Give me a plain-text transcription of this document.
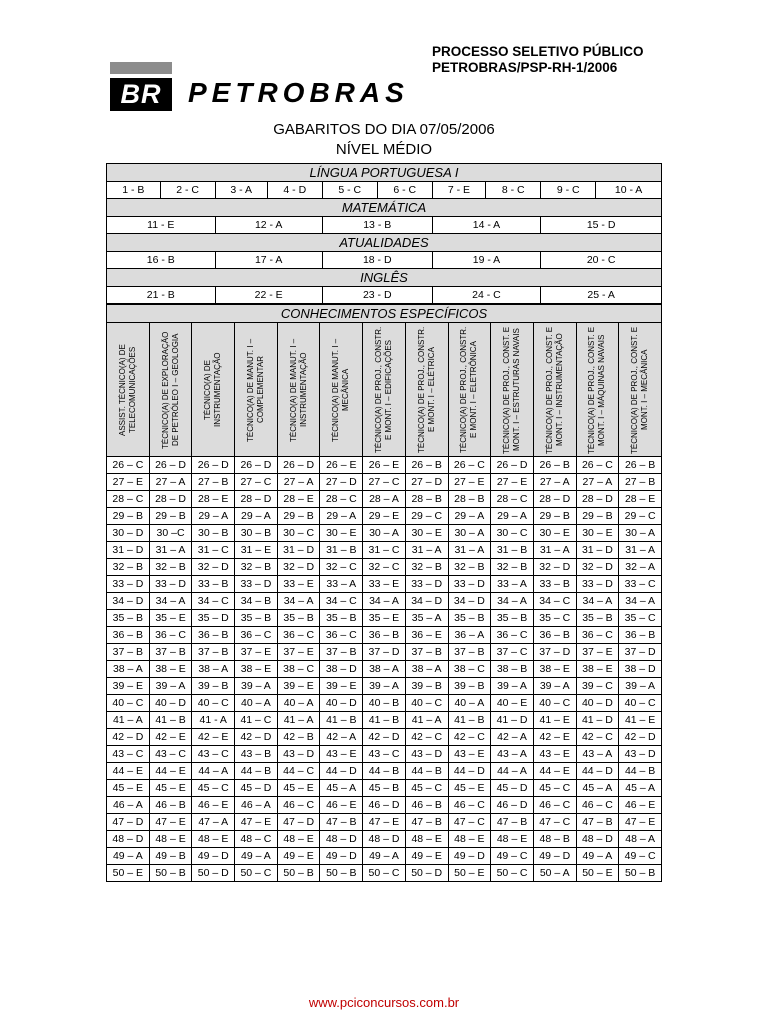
PROCESSO SELETIVO PÚBLICO
PETROBRAS/PSP-RH-1/2006
BR PETROBRAS
GABARITOS DO DIA 07/05/2006
NÍVEL MÉDIO
LÍNGUA PORTUGUESA I									
1 - B	2 - C	3 - A	4 - D	5 - C	6 - C	7 - E	8 - C	9 - C	10 - A
MATEMÁTICA									
11 - E		12 - A		13 - B		14 - A		15 - D	
ATUALIDADES									
16 - B		17 - A		18 - D		19 - A		20 - C	
INGLÊS									
21 - B		22 - E		23 - D		24 - C		25 - A	
CONHECIMENTOS ESPECÍFICOS												

ASSIST. TÉCNICO(A) DE TELECOMUNICAÇÕES	TÉCNICO(A) DE EXPLORAÇÃO DE PETRÓLEO I – GEOLOGIA	TÉCNICO(A) DE INSTRUMENTAÇÃO	TÉCNICO(A) DE MANUT. I – COMPLEMENTAR	TÉCNICO(A) DE MANUT. I – INSTRUMENTAÇÃO	TÉCNICO(A) DE MANUT. I – MECÂNICA	TÉCNICO(A) DE PROJ., CONSTR. E MONT. I – EDIFICAÇÕES	TÉCNICO(A) DE PROJ., CONSTR. E MONT. I – ELÉTRICA	TÉCNICO(A) DE PROJ., CONSTR. E MONT. I – ELETRÔNICA	TÉCNICO(A) DE PROJ., CONST. E MONT. I – ESTRUTURAS NAVAIS	TÉCNICO(A) DE PROJ., CONST. E MONT. I – INSTRUMENTAÇÃO	TÉCNICO(A) DE PROJ., CONST. E MONT. I – MÁQUINAS NAVAIS	TÉCNICO(A) DE PROJ., CONST. E MONT. I – MECÂNICA

26 – C	26 – D	26 – D	26 – D	26 – D	26 – E	26 – E	26 – B	26 – C	26 – D	26 – B	26 – C	26 – B
27 – E	27 – A	27 – B	27 – C	27 – A	27 – D	27 – C	27 – D	27 – E	27 – E	27 – A	27 – A	27 – B
28 – C	28 – D	28 – E	28 – D	28 – E	28 – C	28 – A	28 – B	28 – B	28 – C	28 – D	28 – D	28 – E
29 – B	29 – B	29 – A	29 – A	29 – B	29 – A	29 – E	29 – C	29 – A	29 – A	29 – B	29 – B	29 – C
30 – D	30 –C	30 – B	30 – B	30 – C	30 – E	30 – A	30 – E	30 – A	30 – C	30 – E	30 – E	30 – A
31 – D	31 – A	31 – C	31 – E	31 – D	31 – B	31 – C	31 – A	31 – A	31 – B	31 – A	31 – D	31 – A
32 – B	32 – B	32 – D	32 – B	32 – D	32 – C	32 – C	32 – B	32 – B	32 – B	32 – D	32 – D	32 – A
33 – D	33 – D	33 – B	33 – D	33 – E	33 – A	33 – E	33 – D	33 – D	33 – A	33 – B	33 – D	33 – C
34 – D	34 – A	34 – C	34 – B	34 – A	34 – C	34 – A	34 – D	34 – D	34 – A	34 – C	34 – A	34 – A
35 – B	35 – E	35 – D	35 – B	35 – B	35 – B	35 – E	35 – A	35 – B	35 – B	35 – C	35 – B	35 – C
36 – B	36 – C	36 – B	36 – C	36 – C	36 – C	36 – B	36 – E	36 – A	36 – C	36 – B	36 – C	36 – B
37 – B	37 – B	37 – B	37 – E	37 – E	37 – B	37 – D	37 – B	37 – B	37 – C	37 – D	37 – E	37 – D
38 – A	38 – E	38 – A	38 – E	38 – C	38 – D	38 – A	38 – A	38 – C	38 – B	38 – E	38 – E	38 – D
39 – E	39 – A	39 – B	39 – A	39 – E	39 – E	39 – A	39 – B	39 – B	39 – A	39 – A	39 – C	39 – A
40 – C	40 – D	40 – C	40 – A	40 – A	40 – D	40 – B	40 – C	40 – A	40 – E	40 – C	40 – D	40 – C
41 – A	41 – B	41 - A	41 – C	41 – A	41 – B	41 – B	41 – A	41 – B	41 – D	41 – E	41 – D	41 – E
42 – D	42 – E	42 – E	42 – D	42 – B	42 – A	42 – D	42 – C	42 – C	42 – A	42 – E	42 – C	42 – D
43 – C	43 – C	43 – C	43 – B	43 – D	43 – E	43 – C	43 – D	43 – E	43 – A	43 – E	43 – A	43 – D
44 – E	44 – E	44 – A	44 – B	44 – C	44 – D	44 – B	44 – B	44 – D	44 – A	44 – E	44 – D	44 – B
45 – E	45 – E	45 – C	45 – D	45 – E	45 – A	45 – B	45 – C	45 – E	45 – D	45 – C	45 – A	45 – A
46 – A	46 – B	46 – E	46 – A	46 – C	46 – E	46 – D	46 – B	46 – C	46 – D	46 – C	46 – C	46 – E
47 – D	47 – E	47 – A	47 – E	47 – D	47 – B	47 – E	47 – B	47 – C	47 – B	47 – C	47 – B	47 – E
48 – D	48 – E	48 – E	48 – C	48 – E	48 – D	48 – D	48 – E	48 – E	48 – E	48 – B	48 – D	48 – A
49 – A	49 – B	49 – D	49 – A	49 – E	49 – D	49 – A	49 – E	49 – D	49 – C	49 – D	49 – A	49 – C
50 – E	50 – B	50 – D	50 – C	50 – B	50 – B	50 – C	50 – D	50 – E	50 – C	50 – A	50 – E	50 – B
www.pciconcursos.com.br
